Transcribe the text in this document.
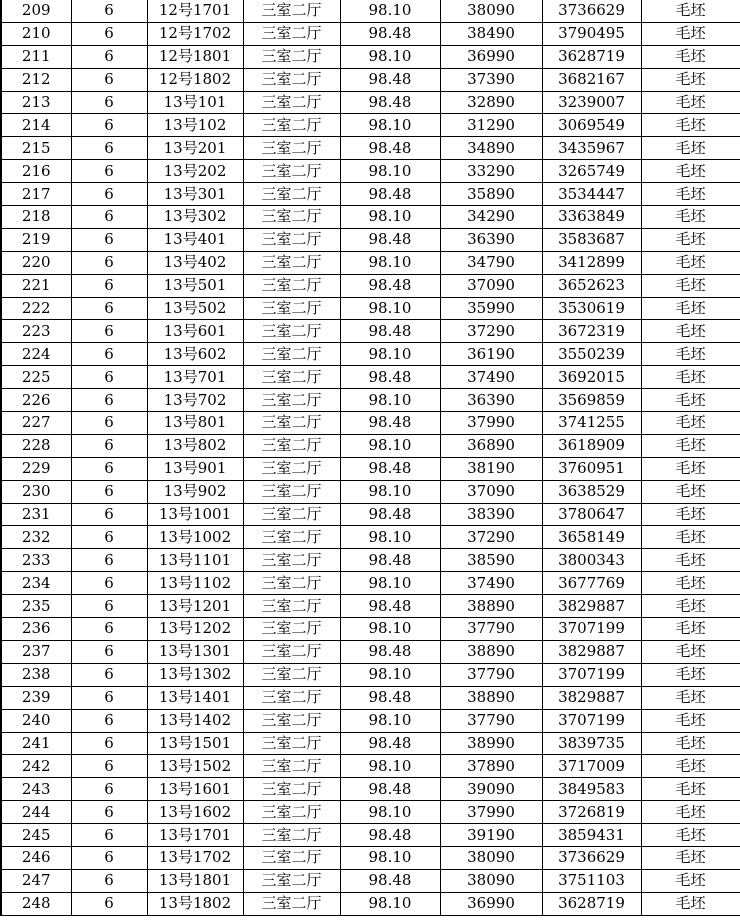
209	6	12号1701	三室二厅	98.10	38090	3736629	毛坯
210	6	12号1702	三室二厅	98.48	38490	3790495	毛坯
211	6	12号1801	三室二厅	98.10	36990	3628719	毛坯
212	6	12号1802	三室二厅	98.48	37390	3682167	毛坯
213	6	13号101	三室二厅	98.48	32890	3239007	毛坯
214	6	13号102	三室二厅	98.10	31290	3069549	毛坯
215	6	13号201	三室二厅	98.48	34890	3435967	毛坯
216	6	13号202	三室二厅	98.10	33290	3265749	毛坯
217	6	13号301	三室二厅	98.48	35890	3534447	毛坯
218	6	13号302	三室二厅	98.10	34290	3363849	毛坯
219	6	13号401	三室二厅	98.48	36390	3583687	毛坯
220	6	13号402	三室二厅	98.10	34790	3412899	毛坯
221	6	13号501	三室二厅	98.48	37090	3652623	毛坯
222	6	13号502	三室二厅	98.10	35990	3530619	毛坯
223	6	13号601	三室二厅	98.48	37290	3672319	毛坯
224	6	13号602	三室二厅	98.10	36190	3550239	毛坯
225	6	13号701	三室二厅	98.48	37490	3692015	毛坯
226	6	13号702	三室二厅	98.10	36390	3569859	毛坯
227	6	13号801	三室二厅	98.48	37990	3741255	毛坯
228	6	13号802	三室二厅	98.10	36890	3618909	毛坯
229	6	13号901	三室二厅	98.48	38190	3760951	毛坯
230	6	13号902	三室二厅	98.10	37090	3638529	毛坯
231	6	13号1001	三室二厅	98.48	38390	3780647	毛坯
232	6	13号1002	三室二厅	98.10	37290	3658149	毛坯
233	6	13号1101	三室二厅	98.48	38590	3800343	毛坯
234	6	13号1102	三室二厅	98.10	37490	3677769	毛坯
235	6	13号1201	三室二厅	98.48	38890	3829887	毛坯
236	6	13号1202	三室二厅	98.10	37790	3707199	毛坯
237	6	13号1301	三室二厅	98.48	38890	3829887	毛坯
238	6	13号1302	三室二厅	98.10	37790	3707199	毛坯
239	6	13号1401	三室二厅	98.48	38890	3829887	毛坯
240	6	13号1402	三室二厅	98.10	37790	3707199	毛坯
241	6	13号1501	三室二厅	98.48	38990	3839735	毛坯
242	6	13号1502	三室二厅	98.10	37890	3717009	毛坯
243	6	13号1601	三室二厅	98.48	39090	3849583	毛坯
244	6	13号1602	三室二厅	98.10	37990	3726819	毛坯
245	6	13号1701	三室二厅	98.48	39190	3859431	毛坯
246	6	13号1702	三室二厅	98.10	38090	3736629	毛坯
247	6	13号1801	三室二厅	98.48	38090	3751103	毛坯
248	6	13号1802	三室二厅	98.10	36990	3628719	毛坯
